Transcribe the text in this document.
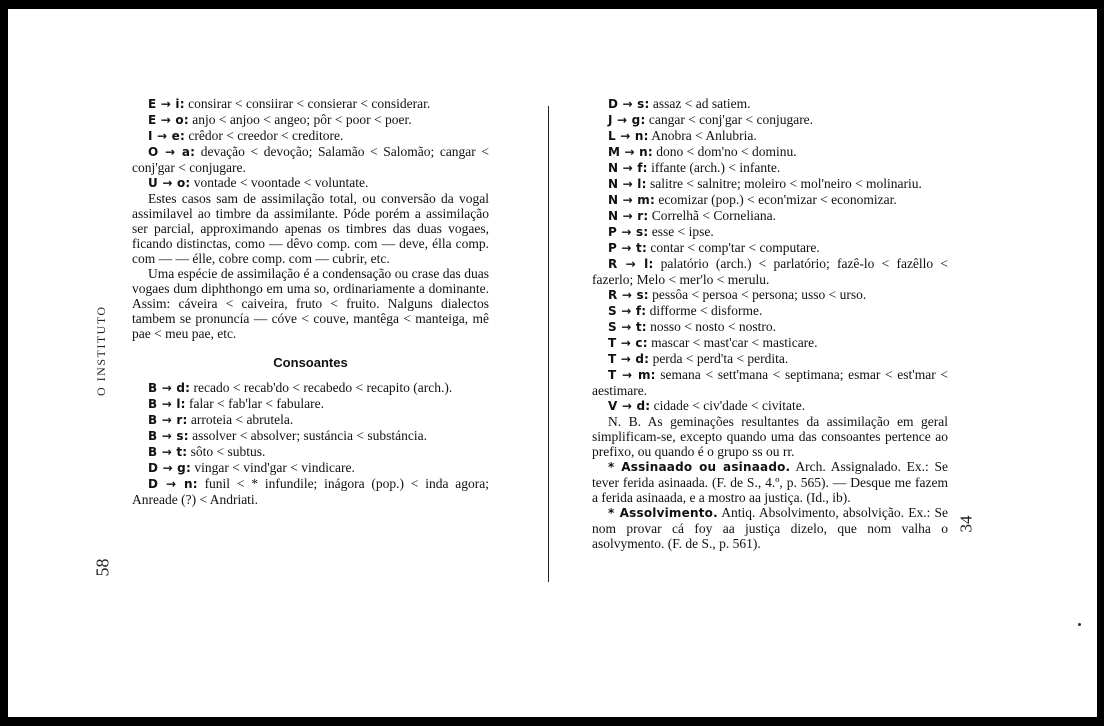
O INSTITUTO
58
34

E → i: consirar < consiirar < consierar < considerar.

E → o: anjo < anjoo < angeo; pôr < poor < poer.

I → e: crêdor < creedor < creditore.

O → a: devação < devoção; Salamão < Salomão; cangar < conj'gar < conjugare.

U → o: vontade < voontade < voluntate.

Estes casos sam de assimilação total, ou conversão da vogal assimilavel ao timbre da assimilante. Póde porém a assimilação ser parcial, approximando apenas os timbres das duas vogaes, ficando distinctas, como — dêvo comp. com — deve, élla comp. com — — élle, cobre comp. com — cubrir, etc.

Uma espécie de assimilação é a condensação ou crase das duas vogaes dum diphthongo em uma so, ordinariamente a dominante. Assim: cáveira < caiveira, fruto < fruito. Nalguns dialectos tambem se pronuncía — cóve < couve, mantêga < manteiga, mê pae < meu pae, etc.

Consoantes

B → d: recado < recab'do < recabedo < recapito (arch.).

B → l: falar < fab'lar < fabulare.

B → r: arroteia < abrutela.

B → s: assolver < absolver; sustáncia < substáncia.

B → t: sôto < subtus.

D → g: vingar < vind'gar < vindicare.

D → n: funil < * infundile; inágora (pop.) < inda agora; Anreade (?) < Andriati.

D → s: assaz < ad satiem.

J → g: cangar < conj'gar < conjugare.

L → n: Anobra < Anlubria.

M → n: dono < dom'no < dominu.

N → f: iffante (arch.) < infante.

N → l: salitre < salnitre; moleiro < mol'neiro < molinariu.

N → m: ecomizar (pop.) < econ'mizar < economizar.

N → r: Correlhã < Corneliana.

P → s: esse < ipse.

P → t: contar < comp'tar < computare.

R → l: palatório (arch.) < parlatório; fazê-lo < fazêllo < fazerlo; Melo < mer'lo < merulu.

R → s: pessôa < persoa < persona; usso < urso.

S → f: difforme < disforme.

S → t: nosso < nosto < nostro.

T → c: mascar < mast'car < masticare.

T → d: perda < perd'ta < perdita.

T → m: semana < sett'mana < septimana; esmar < est'mar < aestimare.

V → d: cidade < civ'dade < civitate.

N. B. As geminações resultantes da assimilação em geral simplificam-se, excepto quando uma das consoantes pertence ao prefixo, ou quando é o grupo ss ou rr.

* Assinaado ou asinaado. Arch. Assignalado. Ex.: Se tever ferida asinaada. (F. de S., 4.º, p. 565). — Desque me fazem a ferida asinaada, e a mostro aa justiça. (Id., ib).

* Assolvimento. Antiq. Absolvimento, absolvição. Ex.: Se nom provar cá foy aa justiça dizelo, que nom valha o asolvymento. (F. de S., p. 561).
